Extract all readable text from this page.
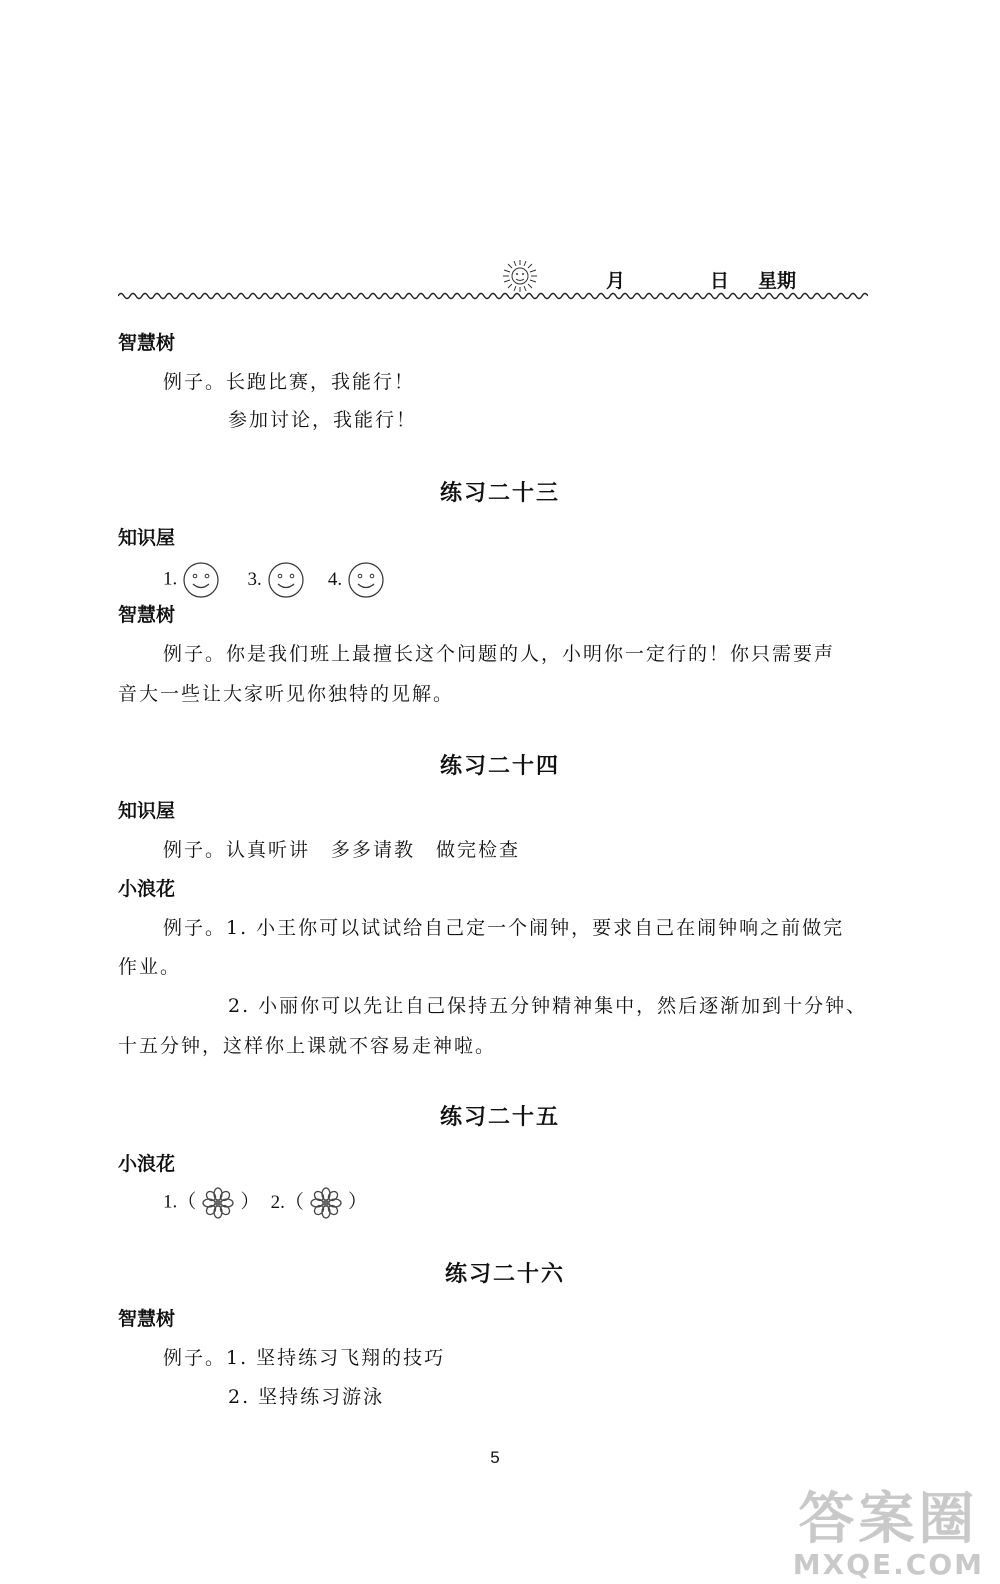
月	日 星期
智慧树
例子。长跑比赛，我能行！
参加讨论，我能行！
练习二十三
知识屋
1.	3.	4.
智慧树
例子。你是我们班上最擅长这个问题的人，小明你一定行的！你只需要声
音大一些让大家听见你独特的见解。
练习二十四
知识屋
例子。认真听讲　多多请教　做完检查
小浪花
例子。1. 小王你可以试试给自己定一个闹钟，要求自己在闹钟响之前做完
作业。
2. 小丽你可以先让自己保持五分钟精神集中，然后逐渐加到十分钟、
十五分钟，这样你上课就不容易走神啦。
练习二十五
小浪花
1.（ ） 2.（ ）
练习二十六
智慧树
例子。1. 坚持练习飞翔的技巧
2. 坚持练习游泳
5
答案圈
MXQE.COM
